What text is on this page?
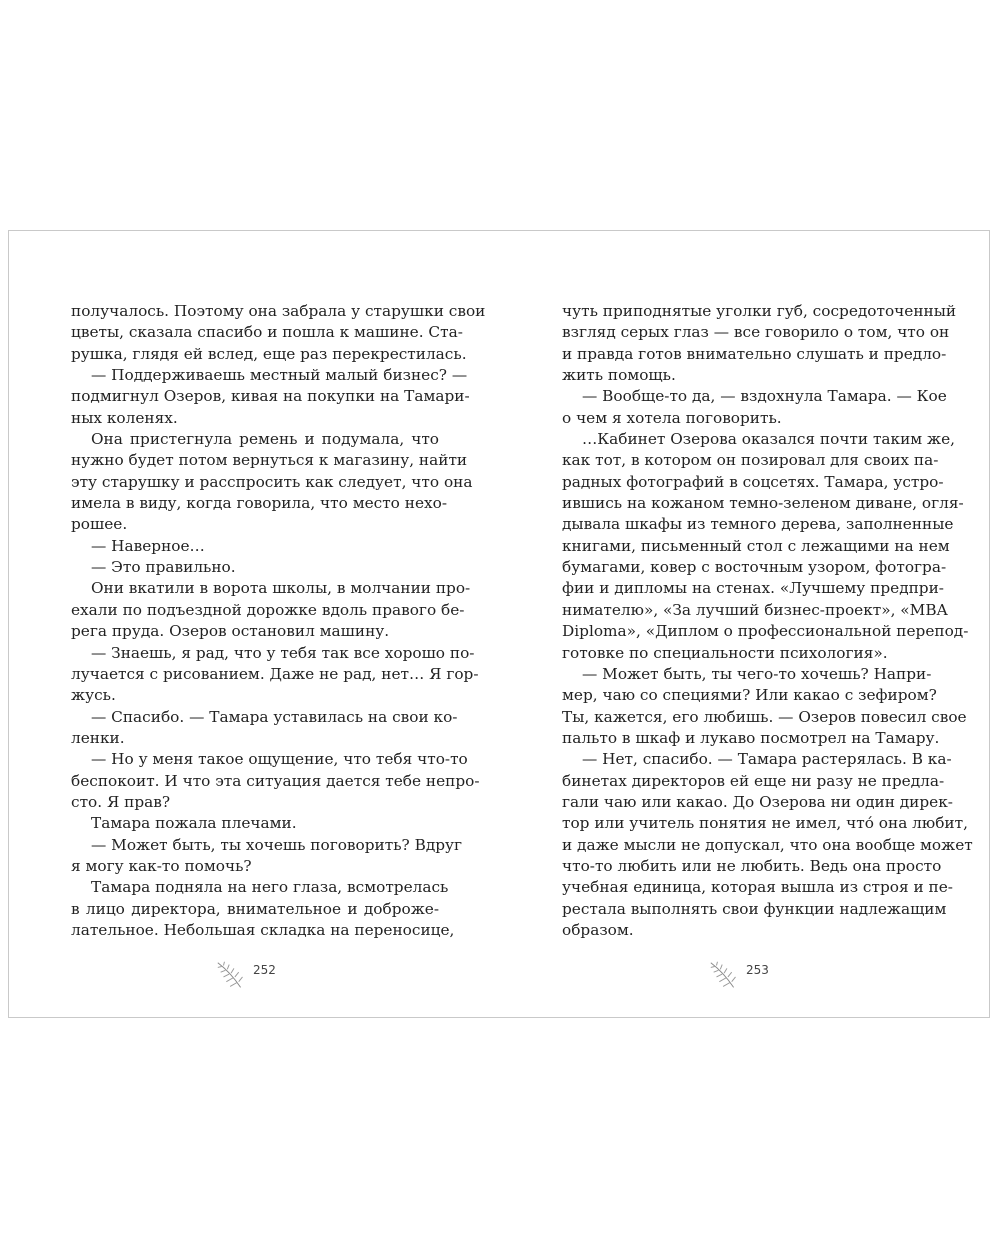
получалось. Поэтому она забрала у старушки свои
цветы, сказала спасибо и пошла к машине. Ста-
рушка, глядя ей вслед, еще раз перекрестилась.
— Поддерживаешь местный малый бизнес? —
подмигнул Озеров, кивая на покупки на Тамари-
ных коленях.
Она пристегнула ремень и подумала, что
нужно будет потом вернуться к магазину, найти
эту старушку и расспросить как следует, что она
имела в виду, когда говорила, что место нехо-
рошее.
— Наверное…
— Это правильно.
Они вкатили в ворота школы, в молчании про-
ехали по подъездной дорожке вдоль правого бе-
рега пруда. Озеров остановил машину.
— Знаешь, я рад, что у тебя так все хорошо по-
лучается с рисованием. Даже не рад, нет… Я гор-
жусь.
— Спасибо. — Тамара уставилась на свои ко-
ленки.
— Но у меня такое ощущение, что тебя что-то
беспокоит. И что эта ситуация дается тебе непро-
сто. Я прав?
Тамара пожала плечами.
— Может быть, ты хочешь поговорить? Вдруг
я могу как-то помочь?
Тамара подняла на него глаза, всмотрелась
в лицо директора, внимательное и доброже-
лательное. Небольшая складка на переносице,
чуть приподнятые уголки губ, сосредоточенный
взгляд серых глаз — все говорило о том, что он
и правда готов внимательно слушать и предло-
жить помощь.
— Вообще-то да, — вздохнула Тамара. — Кое
о чем я хотела поговорить.
…Кабинет Озерова оказался почти таким же,
как тот, в котором он позировал для своих па-
радных фотографий в соцсетях. Тамара, устро-
ившись на кожаном темно-зеленом диване, огля-
дывала шкафы из темного дерева, заполненные
книгами, письменный стол с лежащими на нем
бумагами, ковер с восточным узором, фотогра-
фии и дипломы на стенах. «Лучшему предпри-
нимателю», «За лучший бизнес-проект», «MBA
Diploma», «Диплом о профессиональной перепод-
готовке по специальности психология».
— Может быть, ты чего-то хочешь? Напри-
мер, чаю со специями? Или какао с зефиром?
Ты, кажется, его любишь. — Озеров повесил свое
пальто в шкаф и лукаво посмотрел на Тамару.
— Нет, спасибо. — Тамара растерялась. В ка-
бинетах директоров ей еще ни разу не предла-
гали чаю или какао. До Озерова ни один дирек-
тор или учитель понятия не имел, что́ она любит,
и даже мысли не допускал, что она вообще может
что-то любить или не любить. Ведь она просто
учебная единица, которая вышла из строя и пе-
рестала выполнять свои функции надлежащим
образом.
252	253
